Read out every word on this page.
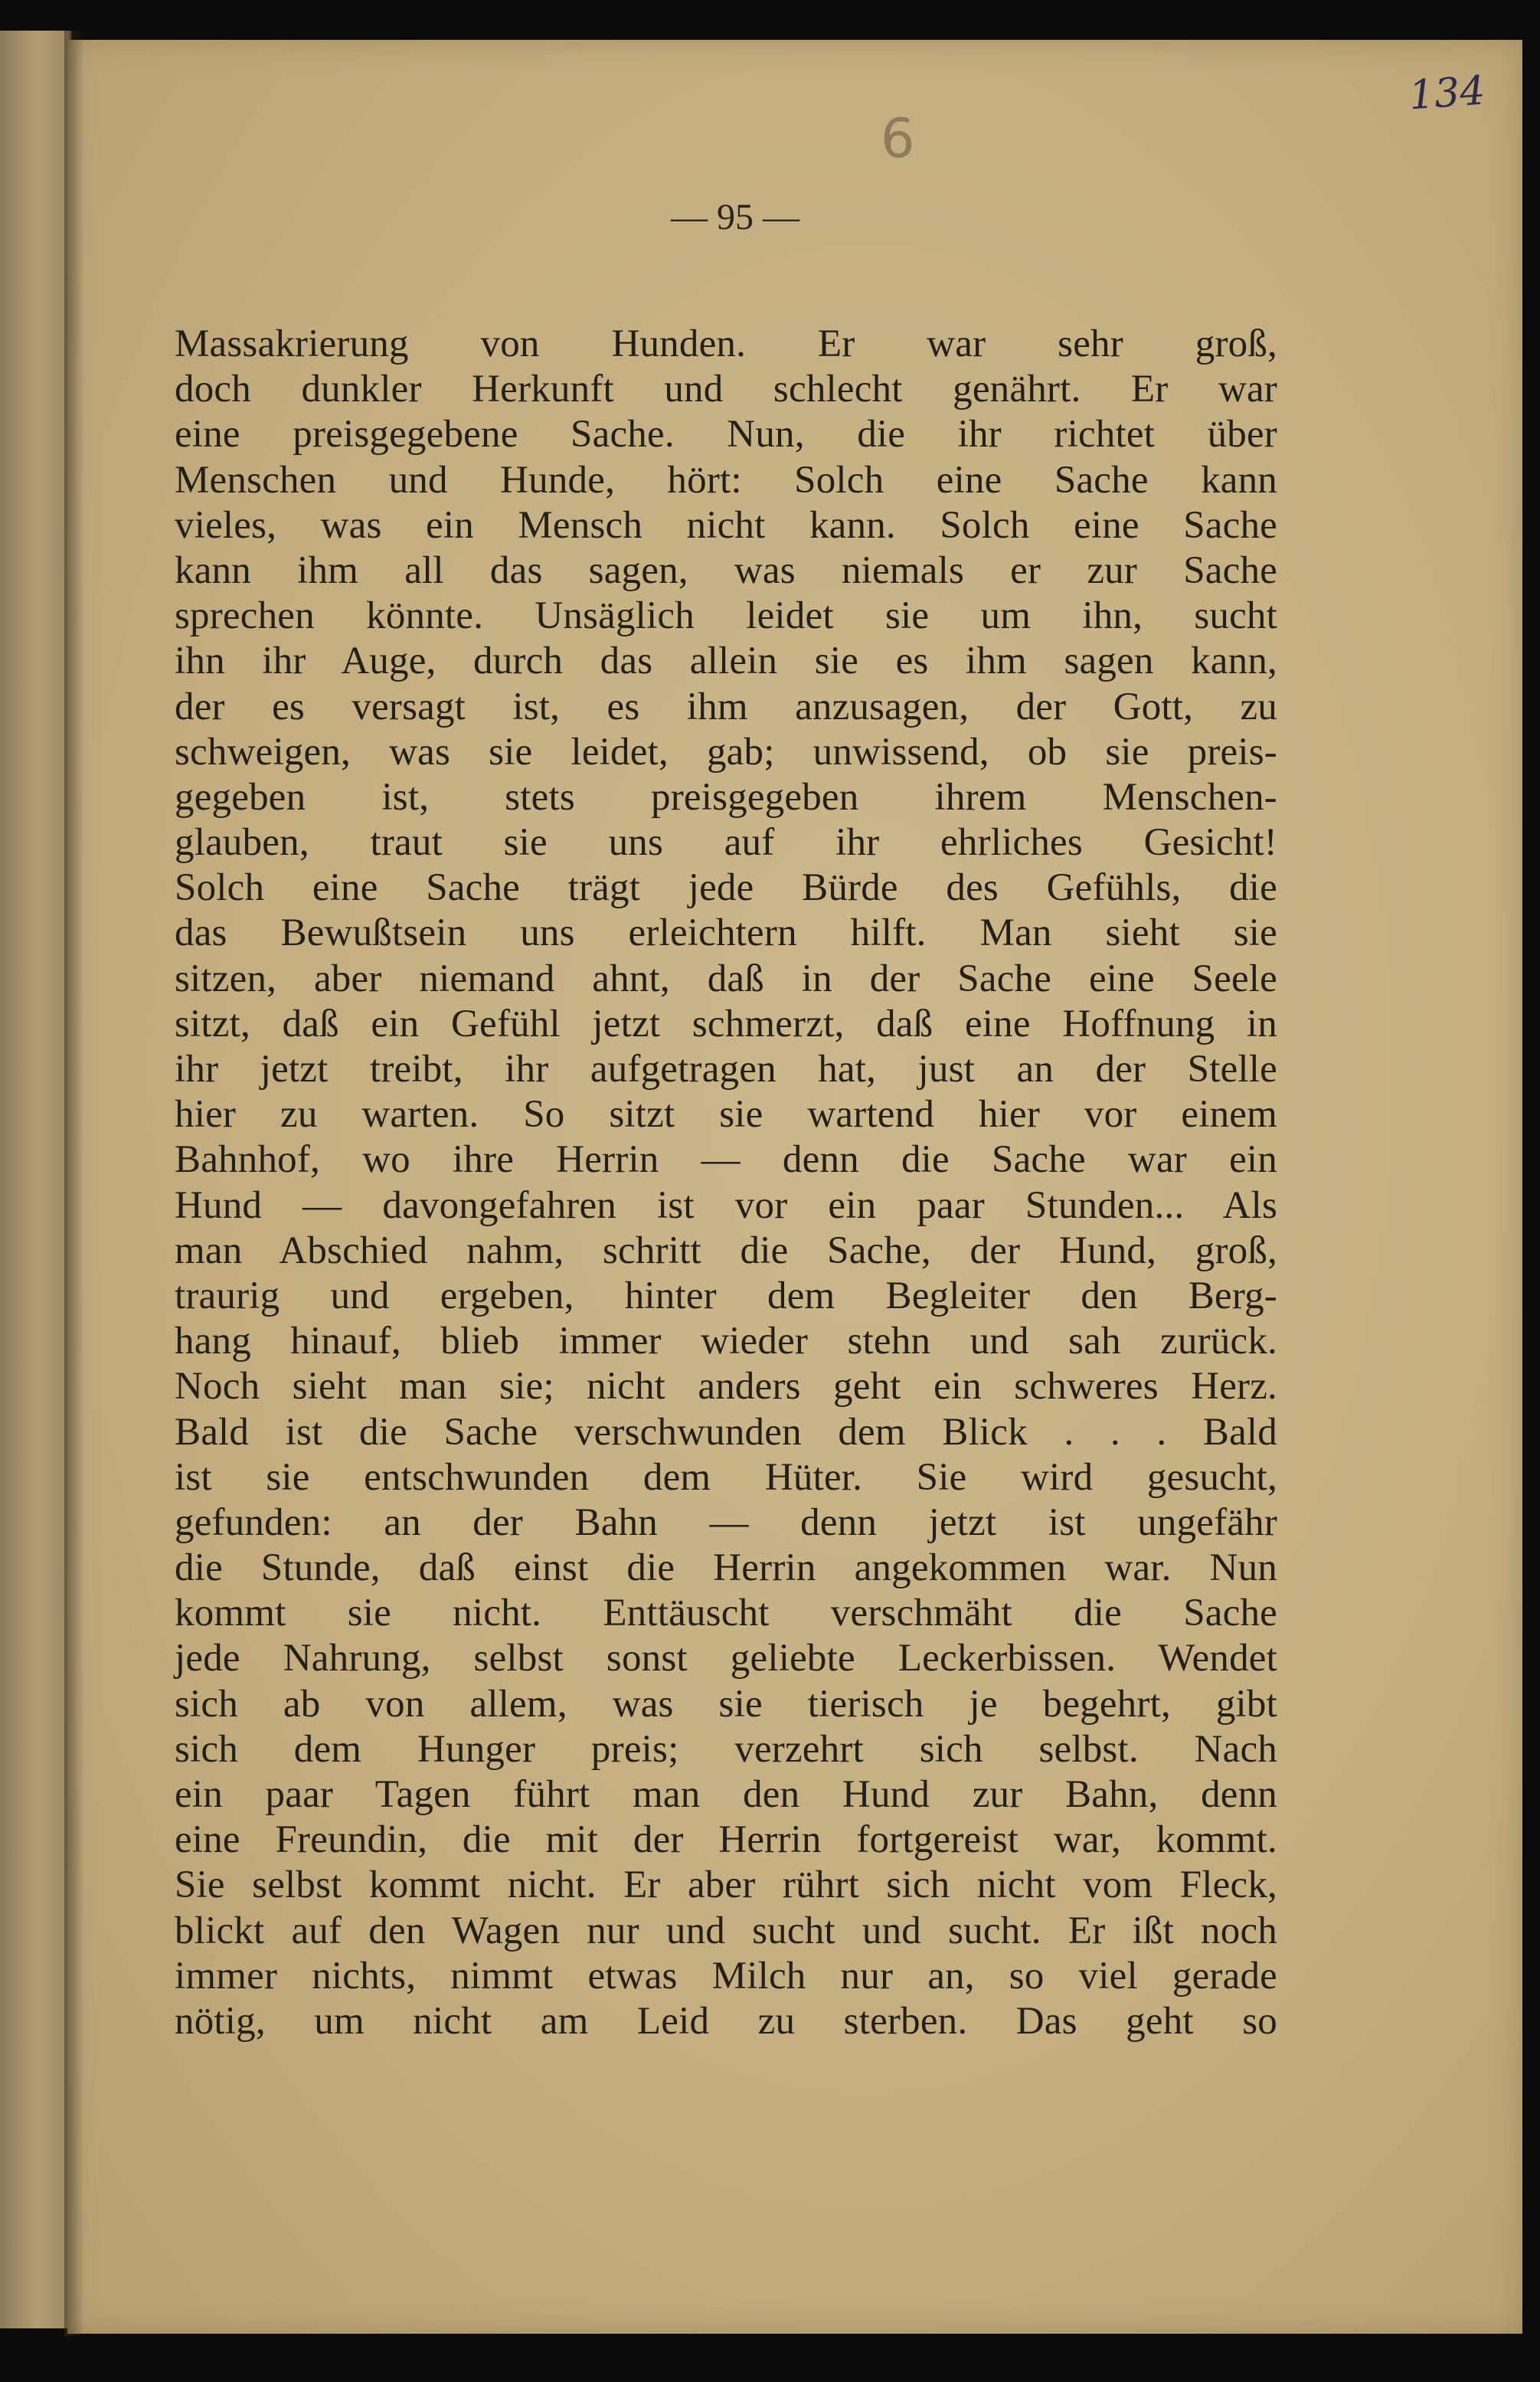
134
6
— 95 —
Massakrierung von Hunden. Er war sehr groß,
doch dunkler Herkunft und schlecht genährt. Er war
eine preisgegebene Sache. Nun, die ihr richtet über
Menschen und Hunde, hört: Solch eine Sache kann
vieles, was ein Mensch nicht kann. Solch eine Sache
kann ihm all das sagen, was niemals er zur Sache
sprechen könnte. Unsäglich leidet sie um ihn, sucht
ihn ihr Auge, durch das allein sie es ihm sagen kann,
der es versagt ist, es ihm anzusagen, der Gott, zu
schweigen, was sie leidet, gab; unwissend, ob sie preis-
gegeben ist, stets preisgegeben ihrem Menschen-
glauben, traut sie uns auf ihr ehrliches Gesicht!
Solch eine Sache trägt jede Bürde des Gefühls, die
das Bewußtsein uns erleichtern hilft. Man sieht sie
sitzen, aber niemand ahnt, daß in der Sache eine Seele
sitzt, daß ein Gefühl jetzt schmerzt, daß eine Hoffnung in
ihr jetzt treibt, ihr aufgetragen hat, just an der Stelle
hier zu warten. So sitzt sie wartend hier vor einem
Bahnhof, wo ihre Herrin — denn die Sache war ein
Hund — davongefahren ist vor ein paar Stunden... Als
man Abschied nahm, schritt die Sache, der Hund, groß,
traurig und ergeben, hinter dem Begleiter den Berg-
hang hinauf, blieb immer wieder stehn und sah zurück.
Noch sieht man sie; nicht anders geht ein schweres Herz.
Bald ist die Sache verschwunden dem Blick . . . Bald
ist sie entschwunden dem Hüter. Sie wird gesucht,
gefunden: an der Bahn — denn jetzt ist ungefähr
die Stunde, daß einst die Herrin angekommen war. Nun
kommt sie nicht. Enttäuscht verschmäht die Sache
jede Nahrung, selbst sonst geliebte Leckerbissen. Wendet
sich ab von allem, was sie tierisch je begehrt, gibt
sich dem Hunger preis; verzehrt sich selbst. Nach
ein paar Tagen führt man den Hund zur Bahn, denn
eine Freundin, die mit der Herrin fortgereist war, kommt.
Sie selbst kommt nicht. Er aber rührt sich nicht vom Fleck,
blickt auf den Wagen nur und sucht und sucht. Er ißt noch
immer nichts, nimmt etwas Milch nur an, so viel gerade
nötig, um nicht am Leid zu sterben. Das geht so
